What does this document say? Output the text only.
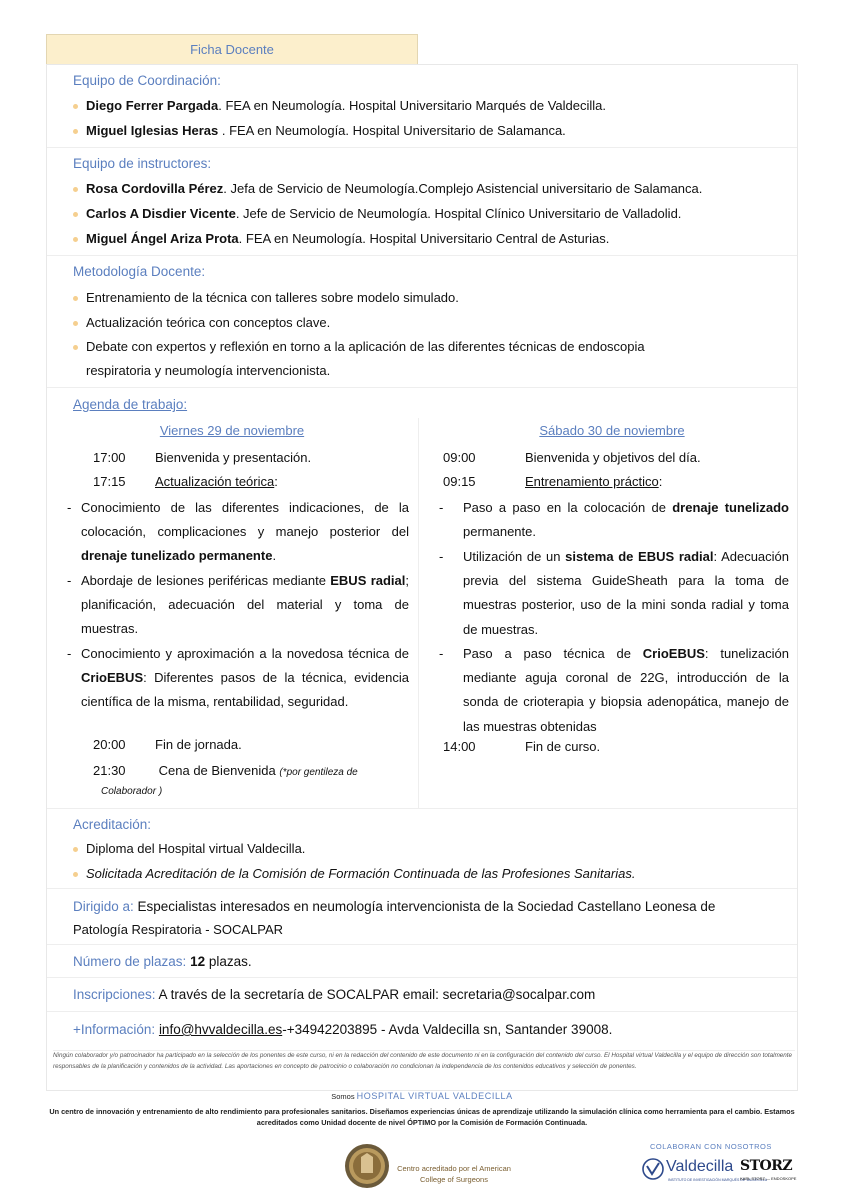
Ficha Docente
Equipo de Coordinación:
Diego Ferrer Pargada. FEA en Neumología. Hospital Universitario Marqués de Valdecilla.
Miguel Iglesias Heras . FEA en Neumología. Hospital Universitario de Salamanca.
Equipo de instructores:
Rosa Cordovilla Pérez. Jefa de Servicio de Neumología.Complejo Asistencial universitario de Salamanca.
Carlos A Disdier Vicente. Jefe de Servicio de Neumología. Hospital Clínico Universitario de Valladolid.
Miguel Ángel Ariza Prota. FEA en Neumología. Hospital Universitario Central de Asturias.
Metodología Docente:
Entrenamiento de la técnica con talleres sobre modelo simulado.
Actualización teórica con conceptos clave.
Debate con expertos y reflexión en torno a la aplicación de las diferentes técnicas de endoscopia
respiratoria y neumología intervencionista.
Agenda de trabajo:
Viernes 29 de noviembre
17:00 Bienvenida y presentación.
17:15 Actualización teórica:
- Conocimiento de las diferentes indicaciones, de la colocación, complicaciones y manejo posterior del drenaje tunelizado permanente.
- Abordaje de lesiones periféricas mediante EBUS radial; planificación, adecuación del material y toma de muestras.
- Conocimiento y aproximación a la novedosa técnica de CrioEBUS: Diferentes pasos de la técnica, evidencia científica de la misma, rentabilidad, seguridad.
20:00 Fin de jornada.
21:30	Cena de Bienvenida (*por gentileza de
Colaborador )
Sábado 30 de noviembre
09:00	Bienvenida y objetivos del día.
09:15	Entrenamiento práctico:
-	Paso a paso en la colocación de drenaje tunelizado permanente.
-	Utilización de un sistema de EBUS radial: Adecuación previa del sistema GuideSheath para la toma de muestras posterior, uso de la mini sonda radial y toma de muestras.
-	Paso a paso técnica de CrioEBUS: tunelización mediante aguja coronal de 22G, introducción de la sonda de crioterapia y biopsia adenopática, manejo de las muestras obtenidas
14:00	Fin de curso.
Acreditación:
Diploma del Hospital virtual Valdecilla.
Solicitada Acreditación de la Comisión de Formación Continuada de las Profesiones Sanitarias.
Dirigido a: Especialistas interesados en neumología intervencionista de la Sociedad Castellano Leonesa de
Patología Respiratoria - SOCALPAR
Número de plazas: 12 plazas.
Inscripciones: A través de la secretaría de SOCALPAR email: secretaria@socalpar.com
+Información: info@hvvaldecilla.es-+34942203895 - Avda Valdecilla sn, Santander 39008.
Ningún colaborador y/o patrocinador ha participado en la selección de los ponentes de este curso, ni en la redacción del contenido de este documento ni en la configuración del contenido del curso. El Hospital virtual Valdecilla y el equipo de dirección son totalmente responsables de la planificación y contenidos de la actividad. Las aportaciones en concepto de patrocinio o colaboración no condicionan la independencia de los contenidos educativos y selección de ponentes.
Somos HOSPITAL VIRTUAL VALDECILLA
Un centro de innovación y entrenamiento de alto rendimiento para profesionales sanitarios. Diseñamos experiencias únicas de aprendizaje utilizando la simulación clínica como herramienta para el cambio. Estamos acreditados como Unidad docente de nivel ÓPTIMO por la Comisión de Formación Continuada.
COLABORAN CON NOSOTROS
Centro acreditado por el American
College of Surgeons
Valdecilla
INSTITUTO DE INVESTIGACIÓN MARQUÉS DE VALDECILLA
STORZ
KARL STORZ — ENDOSKOPE
